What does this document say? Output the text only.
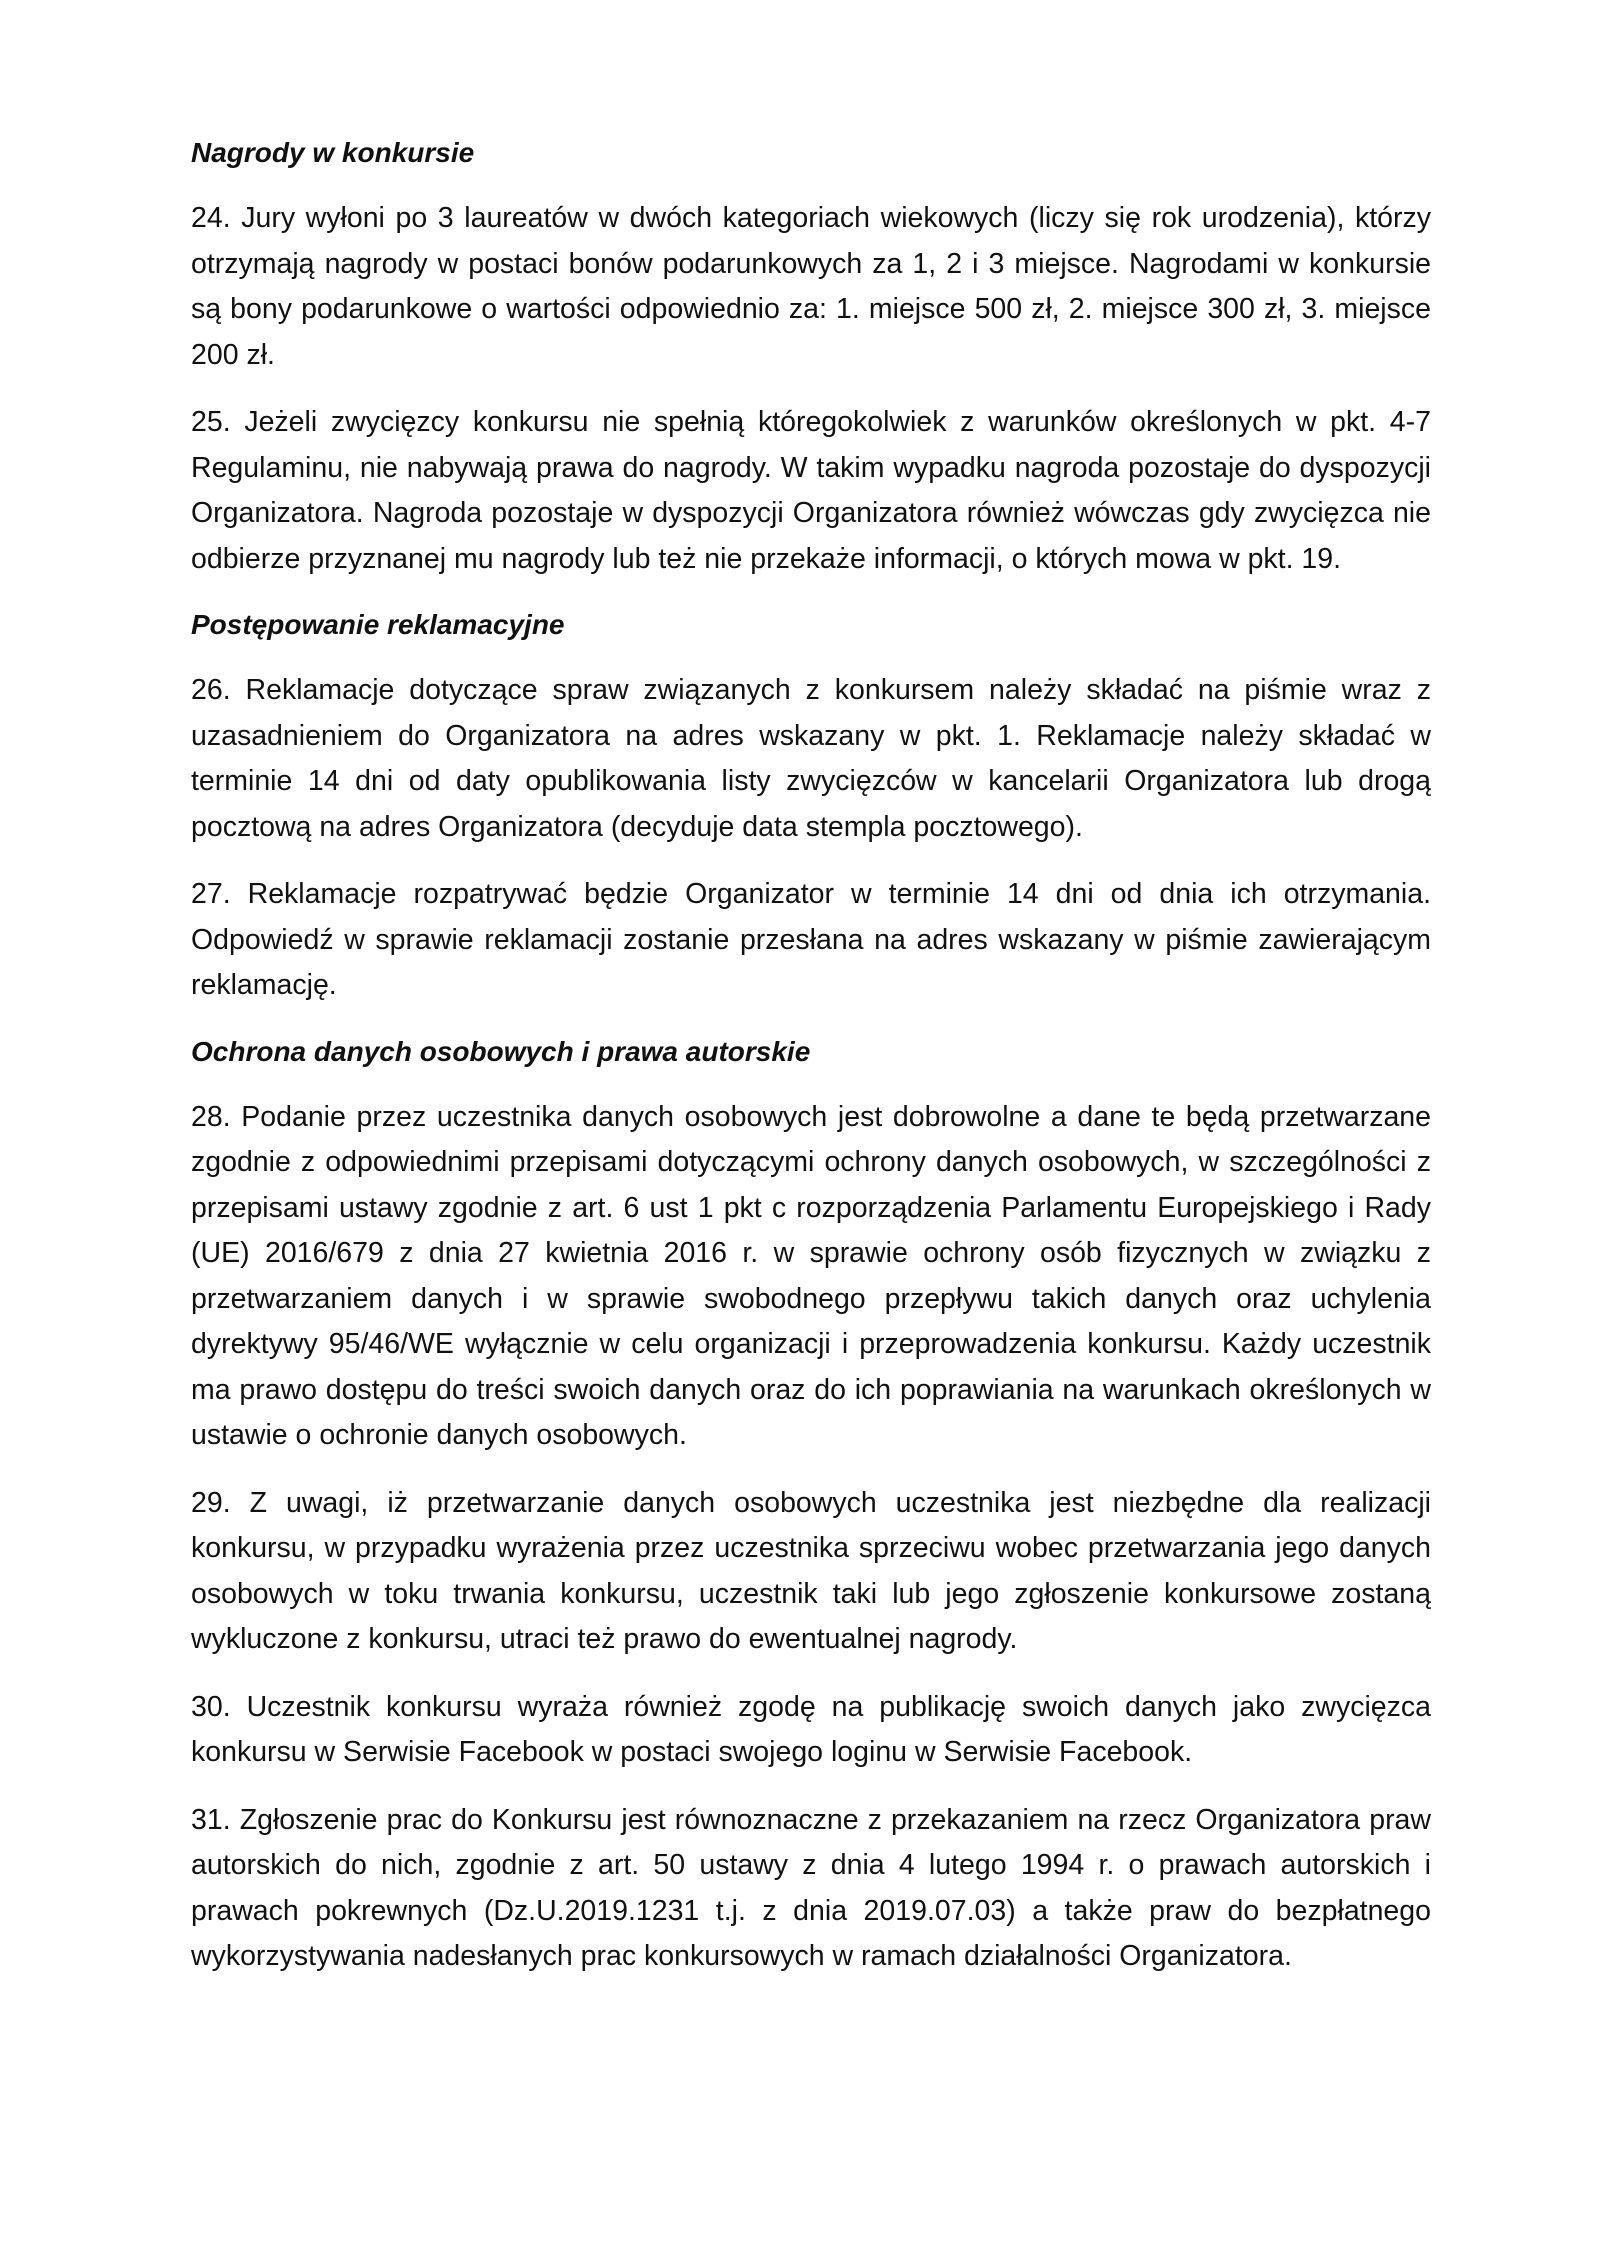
Nagrody w konkursie

24. Jury wyłoni po 3 laureatów w dwóch kategoriach wiekowych (liczy się rok urodzenia), którzy otrzymają nagrody w postaci bonów podarunkowych za 1, 2 i 3 miejsce. Nagrodami w konkursie są bony podarunkowe o wartości odpowiednio za: 1. miejsce 500 zł, 2. miejsce 300 zł, 3. miejsce 200 zł.

25. Jeżeli zwycięzcy konkursu nie spełnią któregokolwiek z warunków określonych w pkt. 4-7 Regulaminu, nie nabywają prawa do nagrody. W takim wypadku nagroda pozostaje do dyspozycji Organizatora. Nagroda pozostaje w dyspozycji Organizatora również wówczas gdy zwycięzca nie odbierze przyznanej mu nagrody lub też nie przekaże informacji, o których mowa w pkt. 19.

Postępowanie reklamacyjne

26. Reklamacje dotyczące spraw związanych z konkursem należy składać na piśmie wraz z uzasadnieniem do Organizatora na adres wskazany w pkt. 1. Reklamacje należy składać w terminie 14 dni od daty opublikowania listy zwycięzców w kancelarii Organizatora lub drogą pocztową na adres Organizatora (decyduje data stempla pocztowego).

27. Reklamacje rozpatrywać będzie Organizator w terminie 14 dni od dnia ich otrzymania. Odpowiedź w sprawie reklamacji zostanie przesłana na adres wskazany w piśmie zawierającym reklamację.

Ochrona danych osobowych i prawa autorskie

28. Podanie przez uczestnika danych osobowych jest dobrowolne a dane te będą przetwarzane zgodnie z odpowiednimi przepisami dotyczącymi ochrony danych osobowych, w szczególności z przepisami ustawy zgodnie z art. 6 ust 1 pkt c rozporządzenia Parlamentu Europejskiego i Rady (UE) 2016/679 z dnia 27 kwietnia 2016 r. w sprawie ochrony osób fizycznych w związku z przetwarzaniem danych i w sprawie swobodnego przepływu takich danych oraz uchylenia dyrektywy 95/46/WE wyłącznie w celu organizacji i przeprowadzenia konkursu. Każdy uczestnik ma prawo dostępu do treści swoich danych oraz do ich poprawiania na warunkach określonych w ustawie o ochronie danych osobowych.

29. Z uwagi, iż przetwarzanie danych osobowych uczestnika jest niezbędne dla realizacji konkursu, w przypadku wyrażenia przez uczestnika sprzeciwu wobec przetwarzania jego danych osobowych w toku trwania konkursu, uczestnik taki lub jego zgłoszenie konkursowe zostaną wykluczone z konkursu, utraci też prawo do ewentualnej nagrody.

30. Uczestnik konkursu wyraża również zgodę na publikację swoich danych jako zwycięzca konkursu w Serwisie Facebook w postaci swojego loginu w Serwisie Facebook.

31. Zgłoszenie prac do Konkursu jest równoznaczne z przekazaniem na rzecz Organizatora praw autorskich do nich, zgodnie z art. 50 ustawy z dnia 4 lutego 1994 r. o prawach autorskich i prawach pokrewnych (Dz.U.2019.1231 t.j. z dnia 2019.07.03) a także praw do bezpłatnego wykorzystywania nadesłanych prac konkursowych w ramach działalności Organizatora.
